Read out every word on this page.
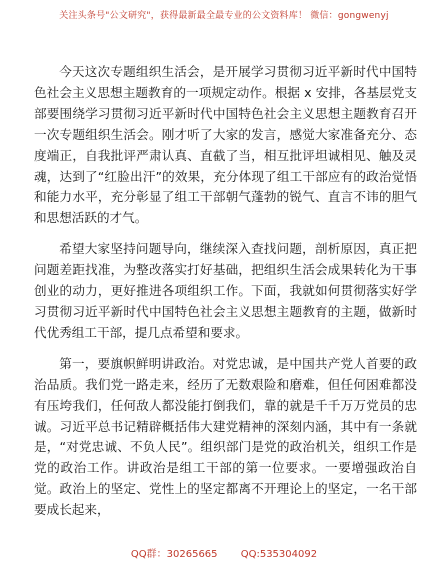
关注头条号"公文研究"，获得最新最全最专业的公文资料库！ 微信：gongwenyj

今天这次专题组织生活会，是开展学习贯彻习近平新时代中国特色社会主义思想主题教育的一项规定动作。根据 x 安排，各基层党支部要围绕学习贯彻习近平新时代中国特色社会主义思想主题教育召开一次专题组织生活会。刚才听了大家的发言，感觉大家准备充分、态度端正，自我批评严肃认真、直截了当，相互批评坦诚相见、触及灵魂，达到了“红脸出汗”的效果，充分体现了组工干部应有的政治觉悟和能力水平，充分彰显了组工干部朝气蓬勃的锐气、直言不讳的胆气和思想活跃的才气。

希望大家坚持问题导向，继续深入查找问题，剖析原因，真正把问题差距找准，为整改落实打好基础，把组织生活会成果转化为干事创业的动力，更好推进各项组织工作。下面，我就如何贯彻落实好学习贯彻习近平新时代中国特色社会主义思想主题教育的主题，做新时代优秀组工干部，提几点希望和要求。

第一，要旗帜鲜明讲政治。对党忠诚，是中国共产党人首要的政治品质。我们党一路走来，经历了无数艰险和磨难，但任何困难都没有压垮我们，任何敌人都没能打倒我们，靠的就是千千万万党员的忠诚。习近平总书记精辟概括伟大建党精神的深刻内涵，其中有一条就是，“对党忠诚、不负人民”。组织部门是党的政治机关，组织工作是党的政治工作。讲政治是组工干部的第一位要求。一要增强政治自觉。政治上的坚定、党性上的坚定都离不开理论上的坚定，一名干部要成长起来，

QQ群：30265665 QQ:535304092
